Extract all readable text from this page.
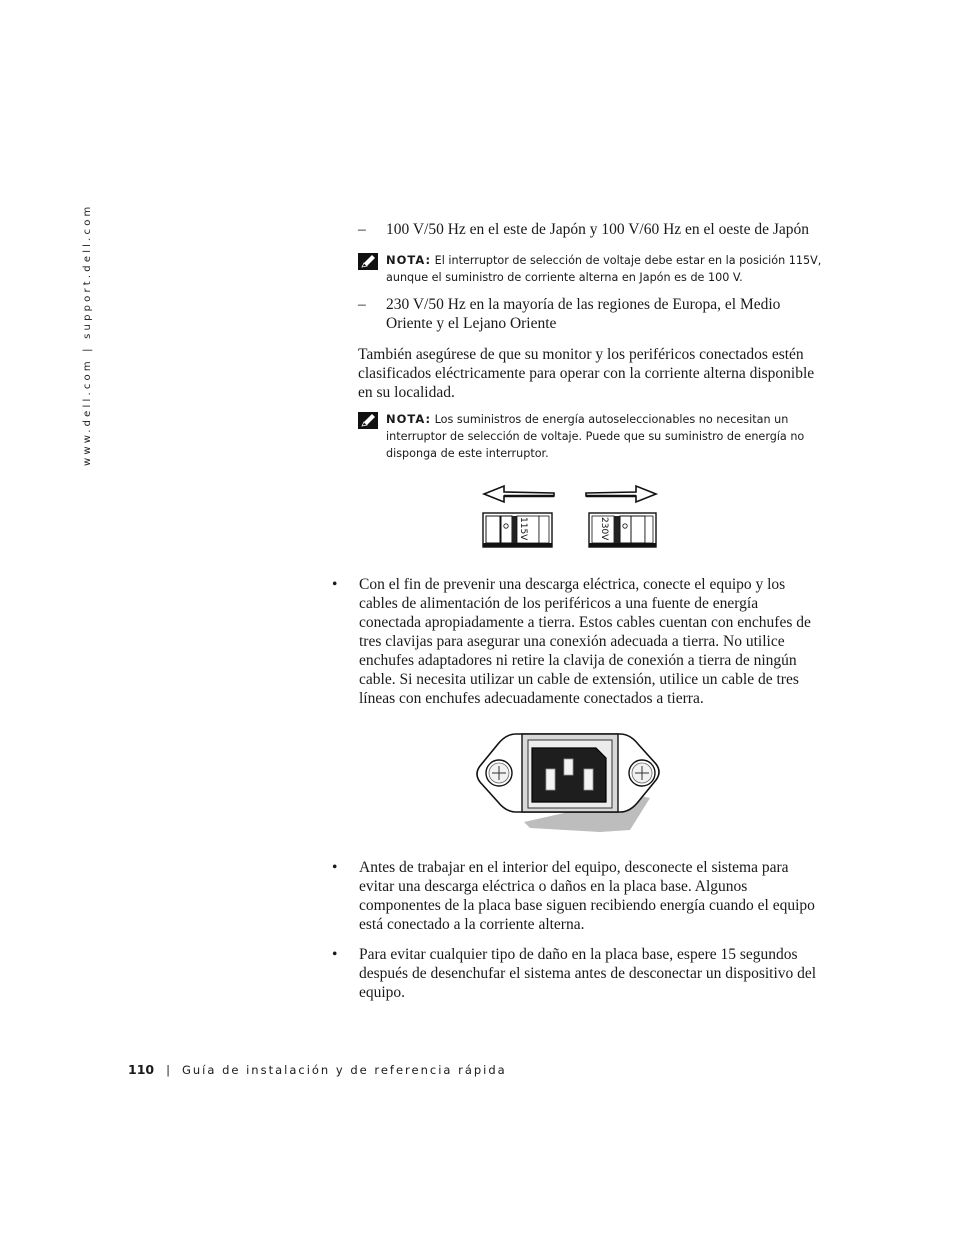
www.dell.com | support.dell.com	–	100 V/50 Hz en el este de Japón y 100 V/60 Hz en el oeste de Japón
NOTA: El interruptor de selección de voltaje debe estar en la posición 115V, aunque el suministro de corriente alterna en Japón es de 100 V.
–	230 V/50 Hz en la mayoría de las regiones de Europa, el Medio Oriente y el Lejano Oriente
También asegúrese de que su monitor y los periféricos conectados estén clasificados eléctricamente para operar con la corriente alterna disponible en su localidad.
NOTA: Los suministros de energía autoseleccionables no necesitan un interruptor de selección de voltaje. Puede que su suministro de energía no disponga de este interruptor.
115V	230V
•	Con el fin de prevenir una descarga eléctrica, conecte el equipo y los cables de alimentación de los periféricos a una fuente de energía conectada apropiadamente a tierra. Estos cables cuentan con enchufes de tres clavijas para asegurar una conexión adecuada a tierra. No utilice enchufes adaptadores ni retire la clavija de conexión a tierra de ningún cable. Si necesita utilizar un cable de extensión, utilice un cable de tres líneas con enchufes adecuadamente conectados a tierra.
•	Antes de trabajar en el interior del equipo, desconecte el sistema para evitar una descarga eléctrica o daños en la placa base. Algunos componentes de la placa base siguen recibiendo energía cuando el equipo está conectado a la corriente alterna.
•	Para evitar cualquier tipo de daño en la placa base, espere 15 segundos después de desenchufar el sistema antes de desconectar un dispositivo del equipo.
110 | Guía de instalación y de referencia rápida
